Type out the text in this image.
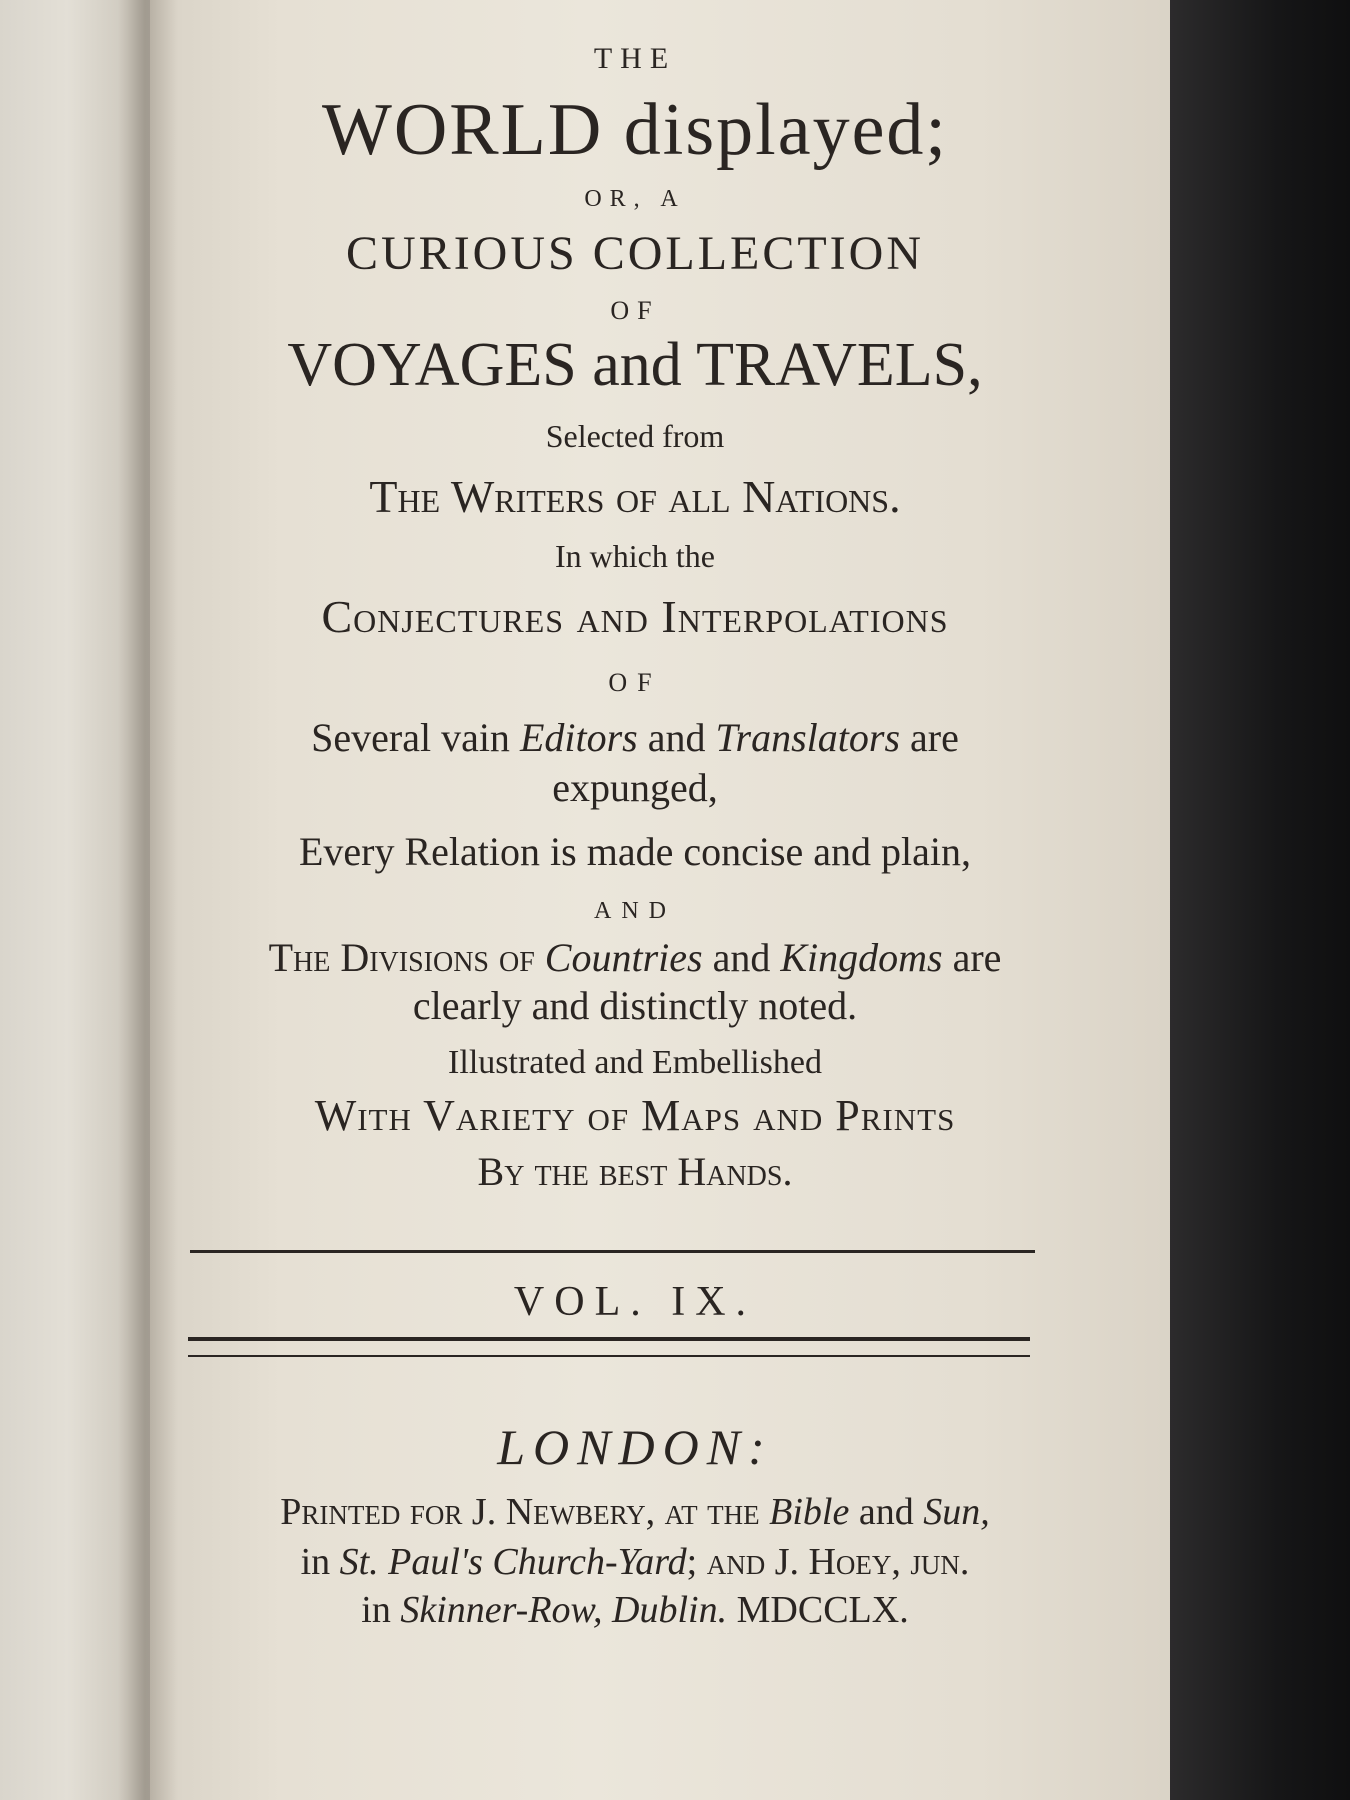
THE
WORLD displayed;
OR, A
CURIOUS COLLECTION
OF
VOYAGES and TRAVELS,
Selected from
The Writers of all Nations.
In which the
Conjectures and Interpolations
OF
Several vain Editors and Translators are
expunged,
Every Relation is made concise and plain,
AND
The Divisions of Countries and Kingdoms are
clearly and distinctly noted.
Illustrated and Embellished
With Variety of Maps and Prints
By the best Hands.
VOL. IX.
LONDON:
Printed for J. Newbery, at the Bible and Sun,
in St. Paul's Church-Yard; and J. Hoey, jun.
in Skinner-Row, Dublin. MDCCLX.
